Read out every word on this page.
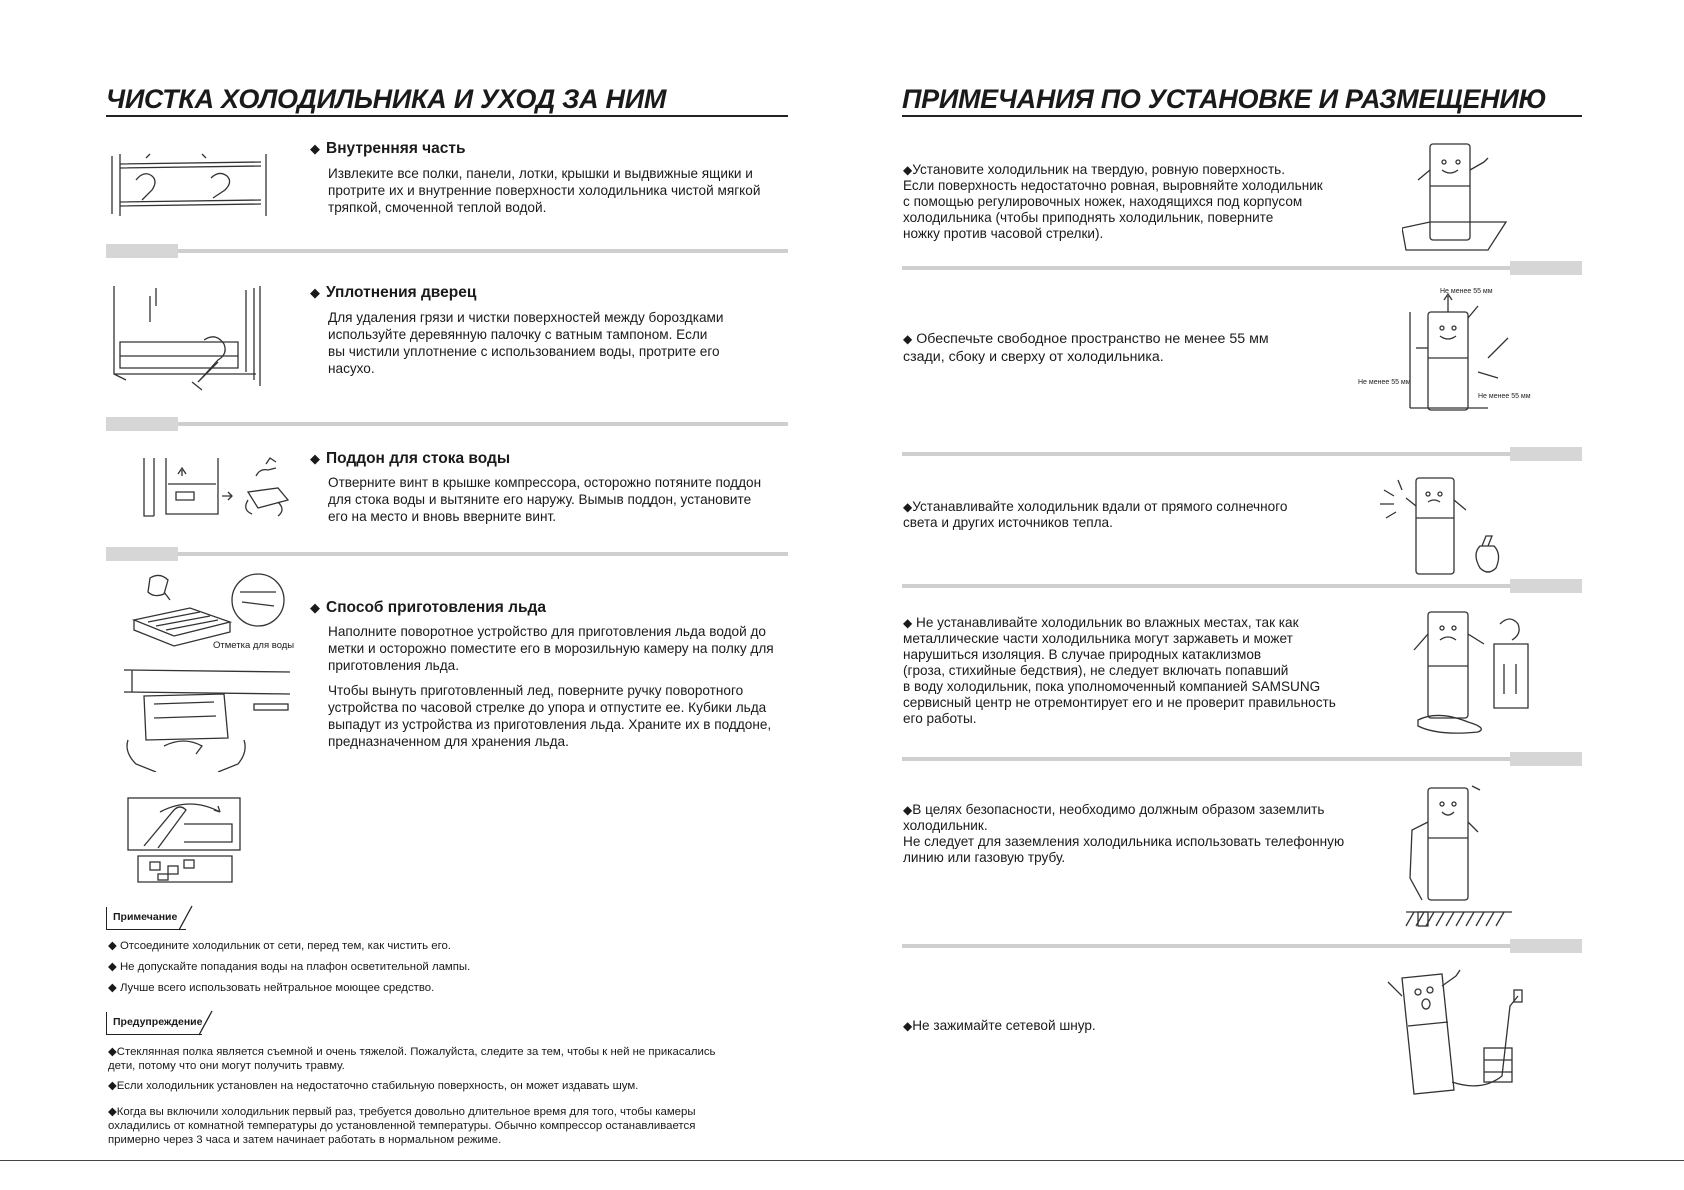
ЧИСТКА ХОЛОДИЛЬНИКА И УХОД ЗА НИМ
◆ Внутренняя часть
Извлеките все полки, панели, лотки, крышки и выдвижные ящики и
протрите их и внутренние поверхности холодильника чистой мягкой
тряпкой, смоченной теплой водой.
◆ Уплотнения дверец
Для удаления грязи и чистки поверхностей между бороздками
используйте деревянную палочку с ватным тампоном. Если
вы чистили уплотнение с использованием воды, протрите его
насухо.
◆ Поддон для стока воды
Отверните винт в крышке компрессора, осторожно потяните поддон
для стока воды и вытяните его наружу. Вымыв поддон, установите
его на место и вновь вверните винт.
Отметка для воды
◆ Способ приготовления льда
Наполните поворотное устройство для приготовления льда водой до
метки и осторожно поместите его в морозильную камеру на полку для
приготовления льда.
Чтобы вынуть приготовленный лед, поверните ручку поворотного
устройства по часовой стрелке до упора и отпустите ее. Кубики льда
выпадут из устройства из приготовления льда. Храните их в поддоне,
предназначенном для хранения льда.
Примечание
◆ Отсоедините холодильник от сети, перед тем, как чистить его.
◆ Не допускайте попадания воды на плафон осветительной лампы.
◆ Лучше всего использовать нейтральное моющее средство.
Предупреждение
◆Стеклянная полка является съемной и очень тяжелой. Пожалуйста, следите за тем, чтобы к ней не прикасались
дети, потому что они могут получить травму.
◆Если холодильник установлен на недостаточно стабильную поверхность, он может издавать шум.
◆Когда вы включили холодильник первый раз, требуется довольно длительное время для того, чтобы камеры
охладились от комнатной температуры до установленной температуры. Обычно компрессор останавливается
примерно через 3 часа и затем начинает работать в нормальном режиме.
ПРИМЕЧАНИЯ ПО УСТАНОВКЕ И РАЗМЕЩЕНИЮ
◆Установите холодильник на твердую, ровную поверхность.
Если поверхность недостаточно ровная, выровняйте холодильник
с помощью регулировочных ножек, находящихся под корпусом
холодильника (чтобы приподнять холодильник, поверните
ножку против часовой стрелки).
◆ Обеспечьте свободное пространство не менее 55 мм
сзади, сбоку и сверху от холодильника.
Не менее 55 мм
Не менее 55 мм
Не менее 55 мм
◆Устанавливайте холодильник вдали от прямого солнечного
света и других источников тепла.
◆ Не устанавливайте холодильник во влажных местах, так как
металлические части холодильника могут заржаветь и может
нарушиться изоляция. В случае природных катаклизмов
(гроза, стихийные бедствия), не следует включать попавший
в воду холодильник, пока уполномоченный компанией SAMSUNG
сервисный центр не отремонтирует его и не проверит правильность
его работы.
◆В целях безопасности, необходимо должным образом заземлить
холодильник.
Не следует для заземления холодильника использовать телефонную
линию или газовую трубу.
◆Не зажимайте сетевой шнур.
